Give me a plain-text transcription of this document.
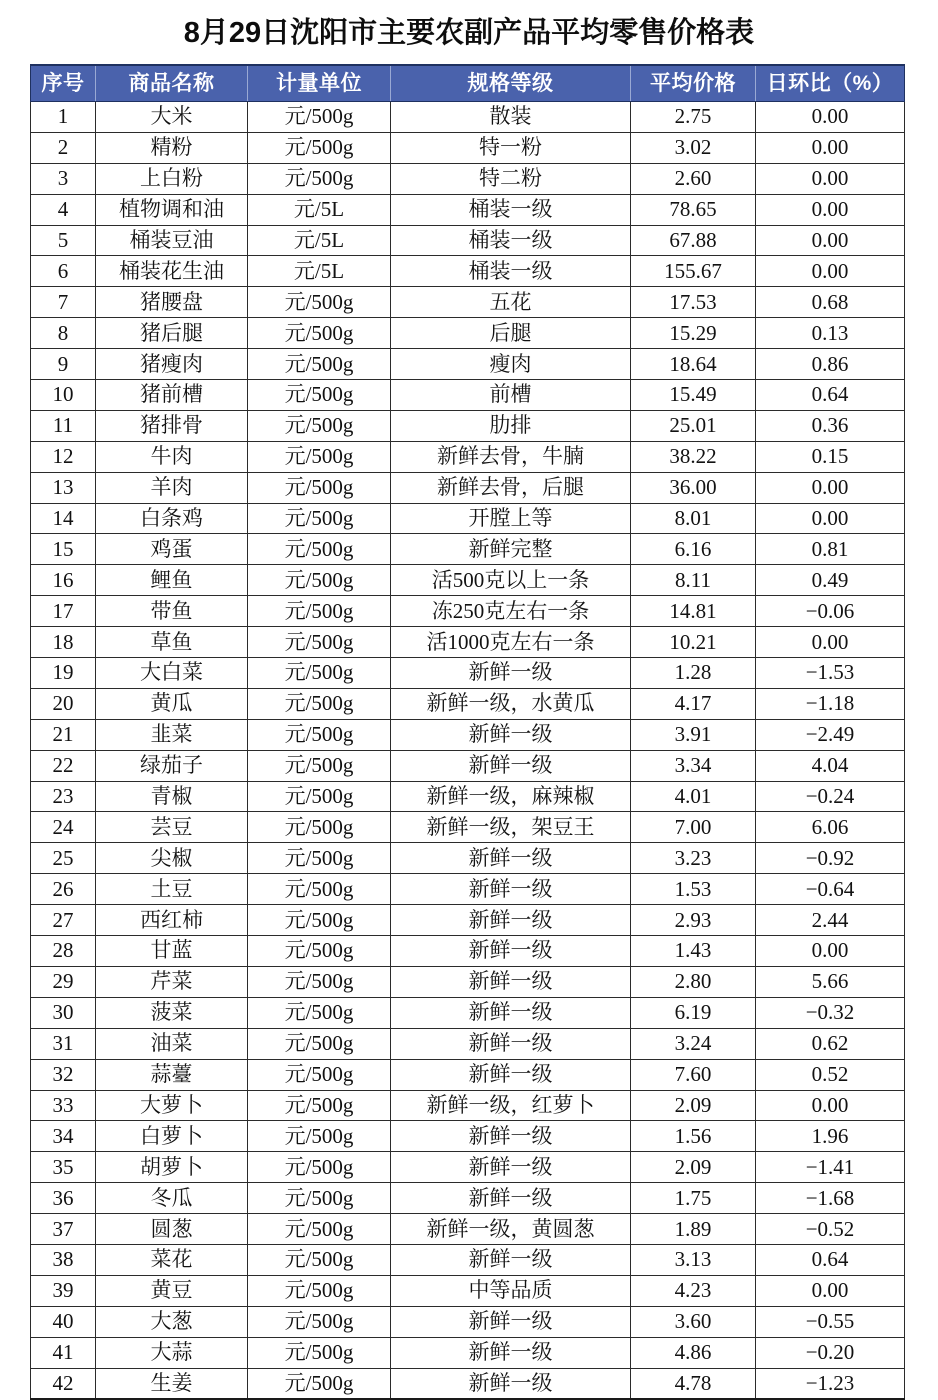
8月29日沈阳市主要农副产品平均零售价格表
序号	商品名称	计量单位	规格等级	平均价格	日环比（%）
1	大米	元/500g	散装	2.75	0.00
2	精粉	元/500g	特一粉	3.02	0.00
3	上白粉	元/500g	特二粉	2.60	0.00
4	植物调和油	元/5L	桶装一级	78.65	0.00
5	桶装豆油	元/5L	桶装一级	67.88	0.00
6	桶装花生油	元/5L	桶装一级	155.67	0.00
7	猪腰盘	元/500g	五花	17.53	0.68
8	猪后腿	元/500g	后腿	15.29	0.13
9	猪瘦肉	元/500g	瘦肉	18.64	0.86
10	猪前槽	元/500g	前槽	15.49	0.64
11	猪排骨	元/500g	肋排	25.01	0.36
12	牛肉	元/500g	新鲜去骨，牛腩	38.22	0.15
13	羊肉	元/500g	新鲜去骨，后腿	36.00	0.00
14	白条鸡	元/500g	开膛上等	8.01	0.00
15	鸡蛋	元/500g	新鲜完整	6.16	0.81
16	鲤鱼	元/500g	活500克以上一条	8.11	0.49
17	带鱼	元/500g	冻250克左右一条	14.81	−0.06
18	草鱼	元/500g	活1000克左右一条	10.21	0.00
19	大白菜	元/500g	新鲜一级	1.28	−1.53
20	黄瓜	元/500g	新鲜一级，水黄瓜	4.17	−1.18
21	韭菜	元/500g	新鲜一级	3.91	−2.49
22	绿茄子	元/500g	新鲜一级	3.34	4.04
23	青椒	元/500g	新鲜一级，麻辣椒	4.01	−0.24
24	芸豆	元/500g	新鲜一级，架豆王	7.00	6.06
25	尖椒	元/500g	新鲜一级	3.23	−0.92
26	土豆	元/500g	新鲜一级	1.53	−0.64
27	西红柿	元/500g	新鲜一级	2.93	2.44
28	甘蓝	元/500g	新鲜一级	1.43	0.00
29	芹菜	元/500g	新鲜一级	2.80	5.66
30	菠菜	元/500g	新鲜一级	6.19	−0.32
31	油菜	元/500g	新鲜一级	3.24	0.62
32	蒜薹	元/500g	新鲜一级	7.60	0.52
33	大萝卜	元/500g	新鲜一级，红萝卜	2.09	0.00
34	白萝卜	元/500g	新鲜一级	1.56	1.96
35	胡萝卜	元/500g	新鲜一级	2.09	−1.41
36	冬瓜	元/500g	新鲜一级	1.75	−1.68
37	圆葱	元/500g	新鲜一级，黄圆葱	1.89	−0.52
38	菜花	元/500g	新鲜一级	3.13	0.64
39	黄豆	元/500g	中等品质	4.23	0.00
40	大葱	元/500g	新鲜一级	3.60	−0.55
41	大蒜	元/500g	新鲜一级	4.86	−0.20
42	生姜	元/500g	新鲜一级	4.78	−1.23
